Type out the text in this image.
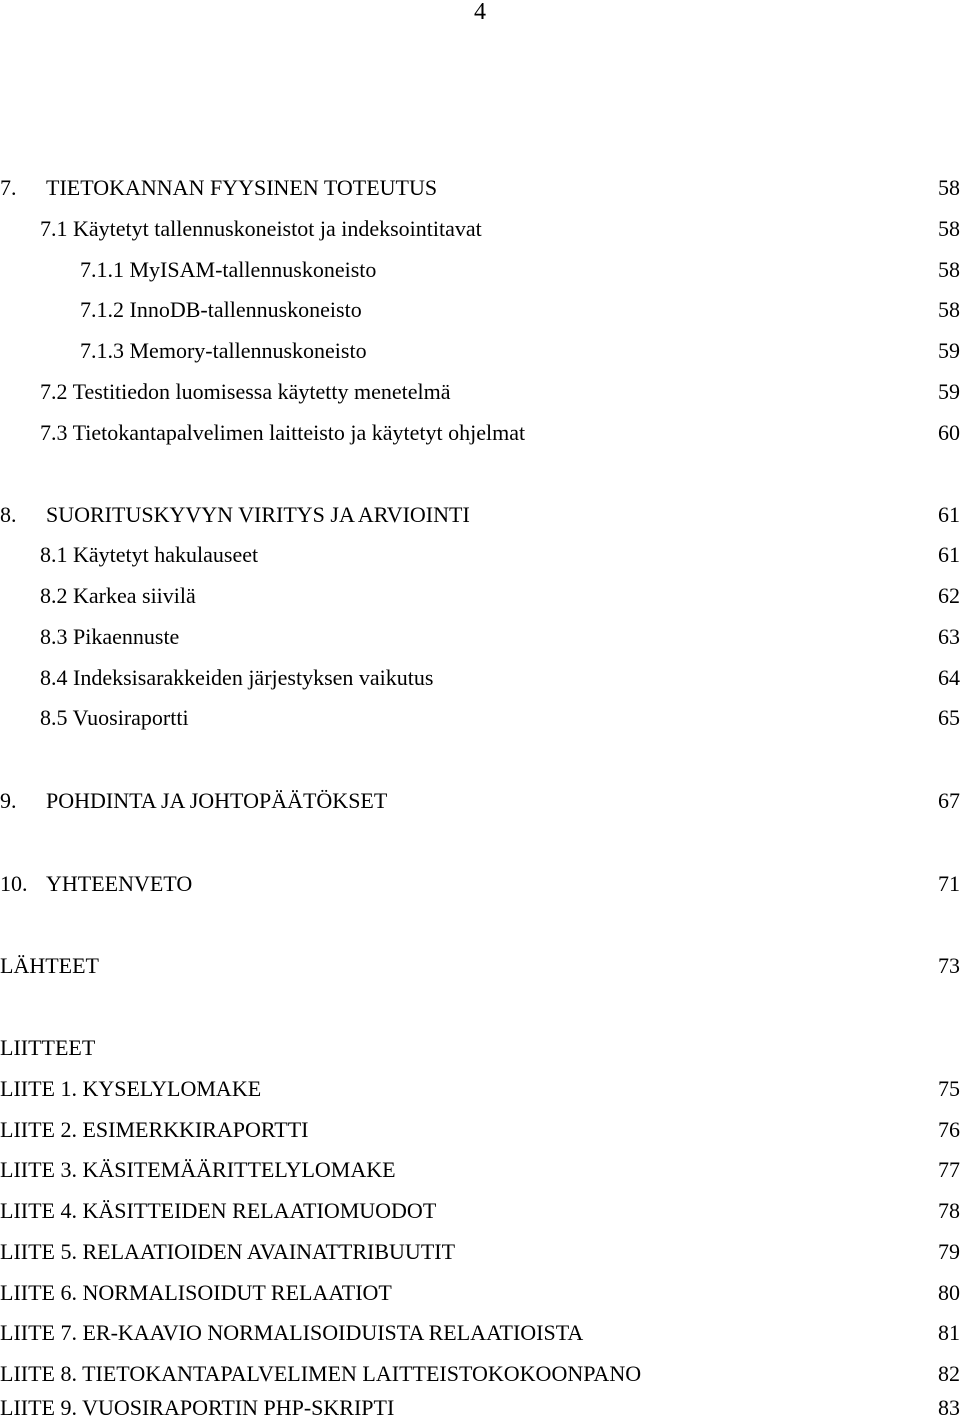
4
7. TIETOKANNAN FYYSINEN TOTEUTUS	58
7.1 Käytetyt tallennuskoneistot ja indeksointitavat	58
7.1.1 MyISAM-tallennuskoneisto	58
7.1.2 InnoDB-tallennuskoneisto	58
7.1.3 Memory-tallennuskoneisto	59
7.2 Testitiedon luomisessa käytetty menetelmä	59
7.3 Tietokantapalvelimen laitteisto ja käytetyt ohjelmat	60
8. SUORITUSKYVYN VIRITYS JA ARVIOINTI	61
8.1 Käytetyt hakulauseet	61
8.2 Karkea siivilä	62
8.3 Pikaennuste	63
8.4 Indeksisarakkeiden järjestyksen vaikutus	64
8.5 Vuosiraportti	65
9. POHDINTA JA JOHTOPÄÄTÖKSET	67
10. YHTEENVETO	71
LÄHTEET	73
LIITTEET
LIITE 1. KYSELYLOMAKE	75
LIITE 2. ESIMERKKIRAPORTTI	76
LIITE 3. KÄSITEMÄÄRITTELYLOMAKE	77
LIITE 4. KÄSITTEIDEN RELAATIOMUODOT	78
LIITE 5. RELAATIOIDEN AVAINATTRIBUUTIT	79
LIITE 6. NORMALISOIDUT RELAATIOT	80
LIITE 7. ER-KAAVIO NORMALISOIDUISTA RELAATIOISTA	81
LIITE 8. TIETOKANTAPALVELIMEN LAITTEISTOKOKOONPANO	82
LIITE 9. VUOSIRAPORTIN PHP-SKRIPTI	83
